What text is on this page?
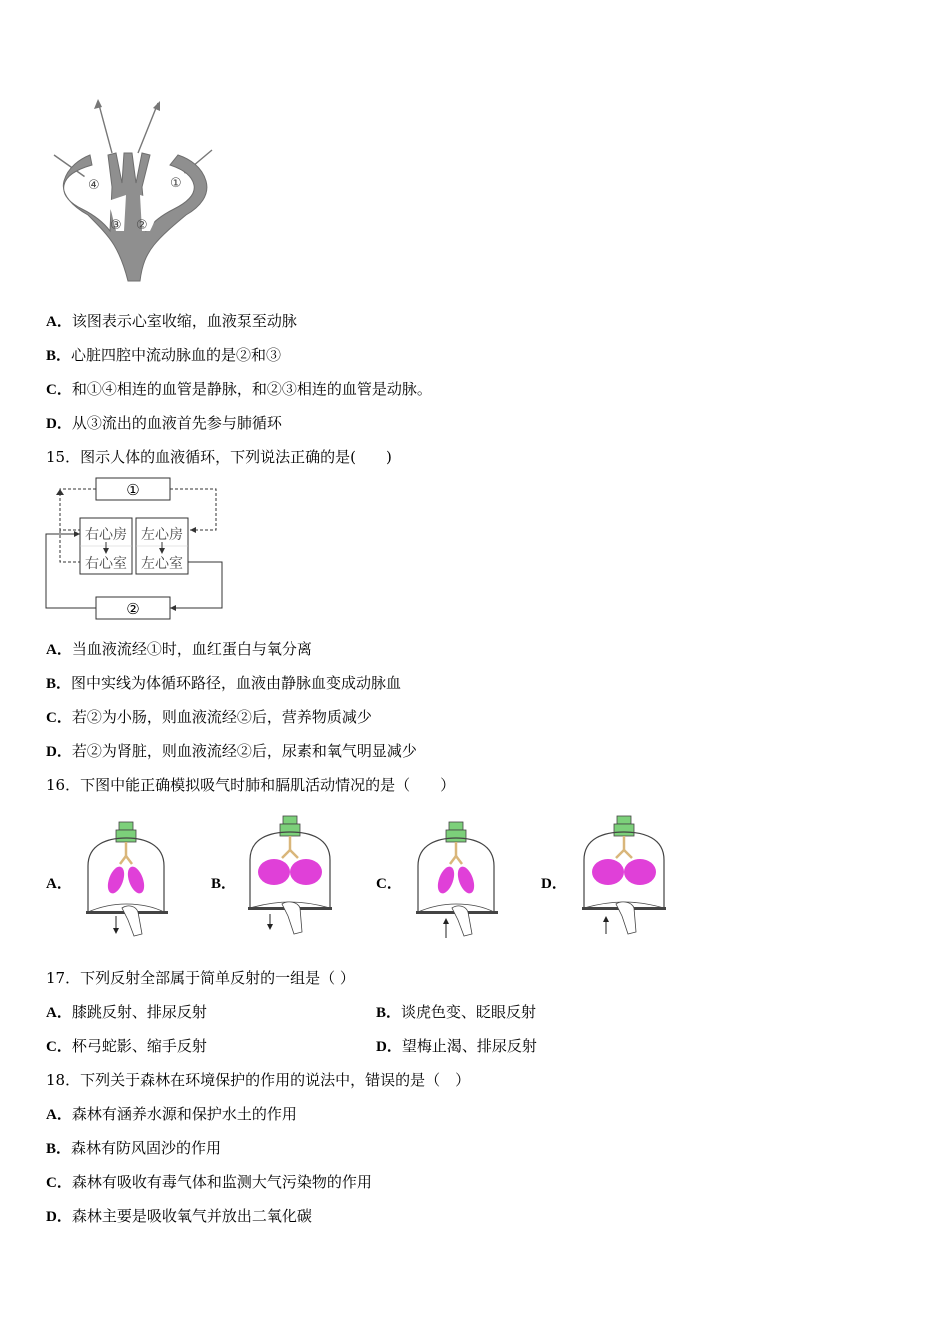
④	①
③ ②
A．该图表示心室收缩，血液泵至动脉
B．心脏四腔中流动脉血的是②和③
C．和①④相连的血管是静脉，和②③相连的血管是动脉。
D．从③流出的血液首先参与肺循环
15．图示人体的血液循环，下列说法正确的是(　　)
①
右心房
右心室
左心房
左心室
②
A．当血液流经①时，血红蛋白与氧分离
B．图中实线为体循环路径，血液由静脉血变成动脉血
C．若②为小肠，则血液流经②后，营养物质减少
D．若②为肾脏，则血液流经②后，尿素和氧气明显减少
16．下图中能正确模拟吸气时肺和膈肌活动情况的是（　　）
A．	B．	C．	D．
17．下列反射全部属于简单反射的一组是（ ）
A．膝跳反射、排尿反射	B．谈虎色变、眨眼反射
C．杯弓蛇影、缩手反射	D．望梅止渴、排尿反射
18．下列关于森林在环境保护的作用的说法中，错误的是（　）
A．森林有涵养水源和保护水土的作用
B．森林有防风固沙的作用
C．森林有吸收有毒气体和监测大气污染物的作用
D．森林主要是吸收氧气并放出二氧化碳
